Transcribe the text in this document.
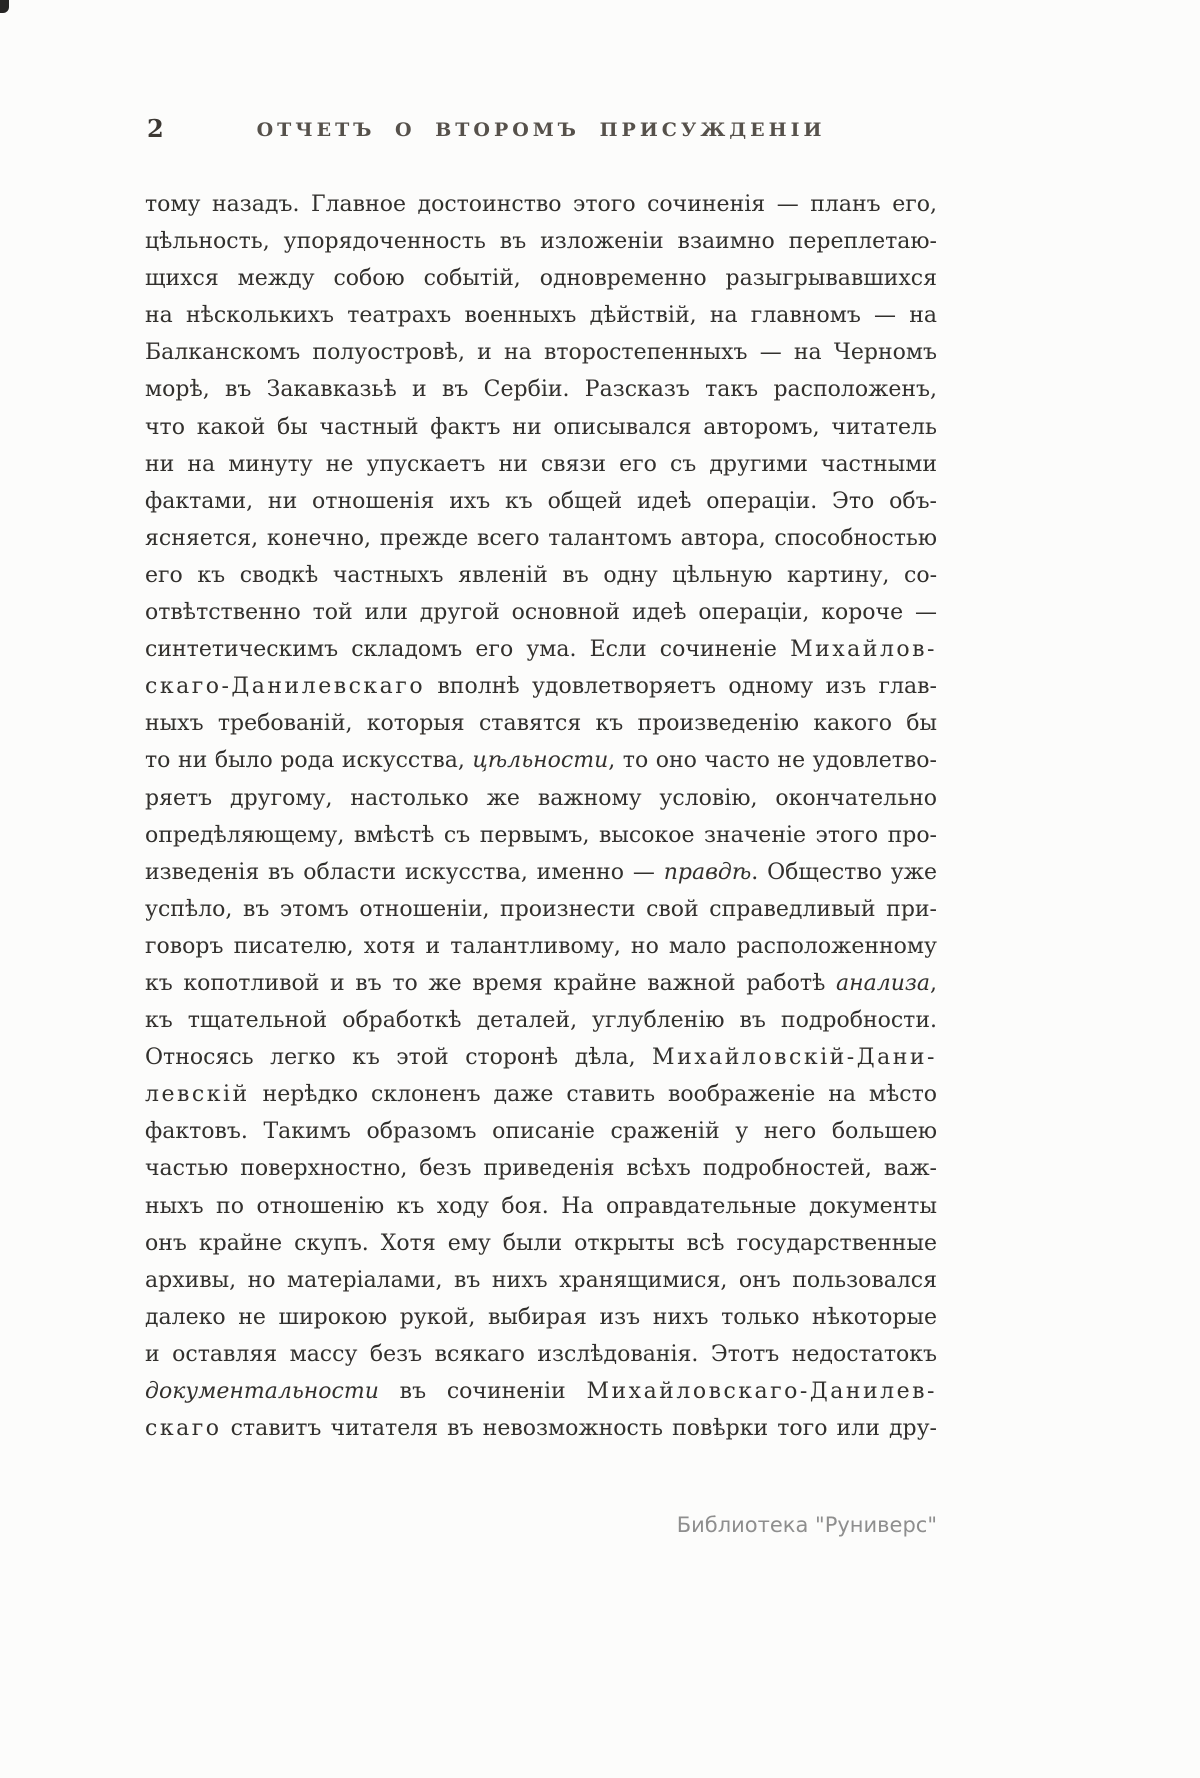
2	ОТЧЕТЪ О ВТОРОМЪ ПРИСУЖДЕНІИ
тому назадъ. Главное достоинство этого сочиненія — планъ его,
цѣльность, упорядоченность въ изложеніи взаимно переплетаю-
щихся между собою событій, одновременно разыгрывавшихся
на нѣсколькихъ театрахъ военныхъ дѣйствій, на главномъ — на
Балканскомъ полуостровѣ, и на второстепенныхъ — на Черномъ
морѣ, въ Закавказьѣ и въ Сербіи. Разсказъ такъ расположенъ,
что какой бы частный фактъ ни описывался авторомъ, читатель
ни на минуту не упускаетъ ни связи его съ другими частными
фактами, ни отношенія ихъ къ общей идеѣ операціи. Это объ-
ясняется, конечно, прежде всего талантомъ автора, способностью
его къ сводкѣ частныхъ явленій въ одну цѣльную картину, со-
отвѣтственно той или другой основной идеѣ операціи, короче —
синтетическимъ складомъ его ума. Если сочиненіе Михайлов-
скаго-Данилевскаго вполнѣ удовлетворяетъ одному изъ глав-
ныхъ требованій, которыя ставятся къ произведенію какого бы
то ни было рода искусства, цѣльности, то оно часто не удовлетво-
ряетъ другому, настолько же важному условію, окончательно
опредѣляющему, вмѣстѣ съ первымъ, высокое значеніе этого про-
изведенія въ области искусства, именно — правдѣ. Общество уже
успѣло, въ этомъ отношеніи, произнести свой справедливый при-
говоръ писателю, хотя и талантливому, но мало расположенному
къ копотливой и въ то же время крайне важной работѣ анализа,
къ тщательной обработкѣ деталей, углубленію въ подробности.
Относясь легко къ этой сторонѣ дѣла, Михайловскій-Дани-
левскій нерѣдко склоненъ даже ставить воображеніе на мѣсто
фактовъ. Такимъ образомъ описаніе сраженій у него большею
частью поверхностно, безъ приведенія всѣхъ подробностей, важ-
ныхъ по отношенію къ ходу боя. На оправдательные документы
онъ крайне скупъ. Хотя ему были открыты всѣ государственные
архивы, но матеріалами, въ нихъ хранящимися, онъ пользовался
далеко не широкою рукой, выбирая изъ нихъ только нѣкоторые
и оставляя массу безъ всякаго изслѣдованія. Этотъ недостатокъ
документальности въ сочиненіи Михайловскаго-Данилев-
скаго ставитъ читателя въ невозможность повѣрки того или дру-
Библиотека "Руниверс"
